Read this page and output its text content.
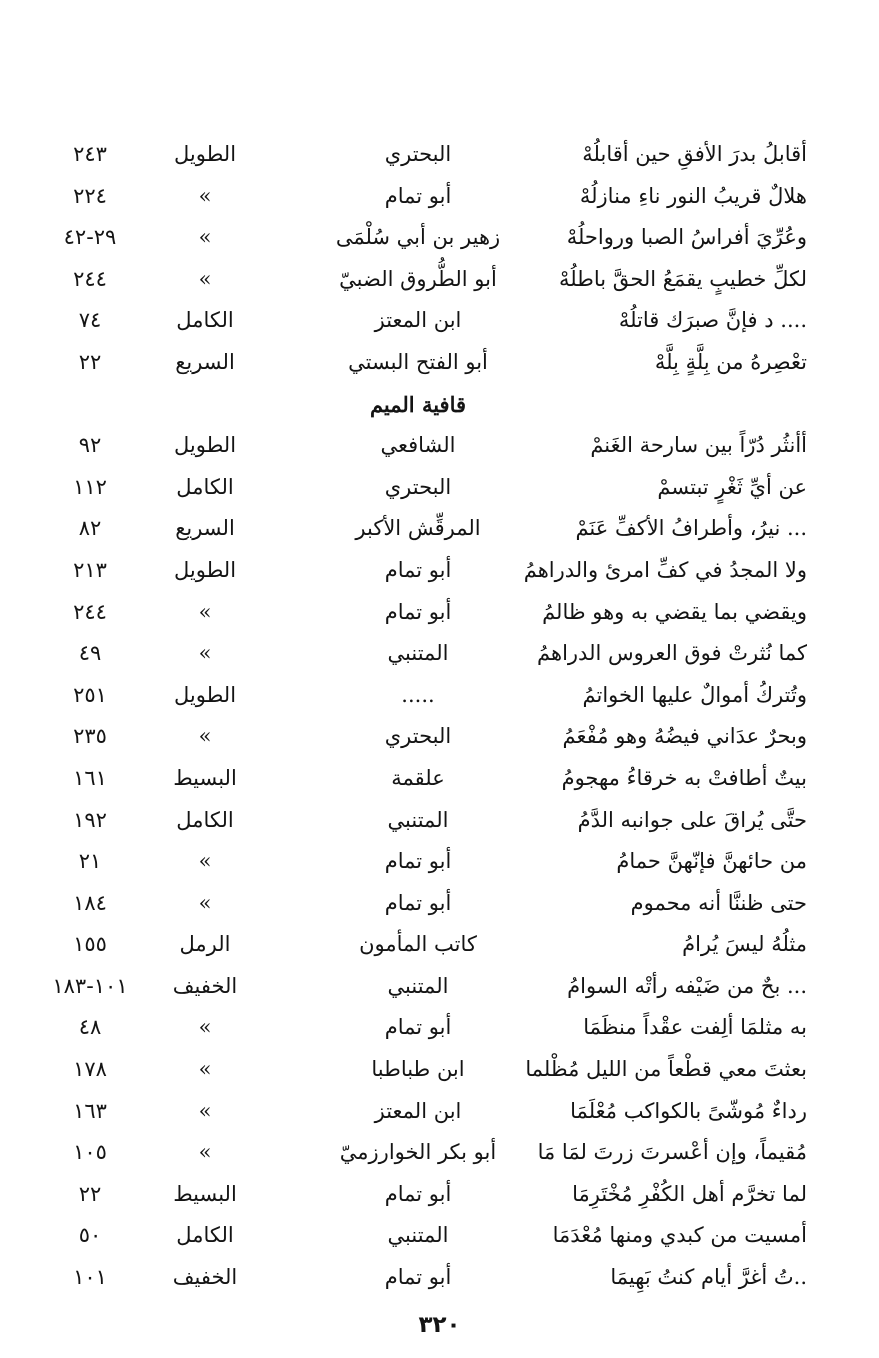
أقابلُ بدرَ الأفقِ حين أقابلُهْ
البحتري
الطويل
٢٤٣
هلالٌ قريبُ النور ناءِ منازلُهْ
أبو تمام
»
٢٢٤
وعُرِّيَ أفراسُ الصبا ورواحلُهْ
زهير بن أبي سُلْمَى
»
٢٩-٤٢
لكلِّ خطيبٍ يقمَعُ الحقَّ باطلُهْ
أبو الطُّروق الضبيّ
»
٢٤٤
.... د فإنَّ صبرَك قاتلُهْ
ابن المعتز
الكامل
٧٤
تعْصِرهُ من بِلَّةٍ بِلَّهْ
أبو الفتح البستي
السريع
٢٢
قافية الميم
أأنثُر دُرّاً بين سارحة الغَنمْ
الشافعي
الطويل
٩٢
عن أيِّ ثَغْرٍ تبتسمْ
البحتري
الكامل
١١٢
... نيرُ، وأطرافُ الأكفِّ عَنَمْ
المرقِّش الأكبر
السريع
٨٢
ولا المجدُ في كفِّ امرئ والدراهمُ
أبو تمام
الطويل
٢١٣
ويقضي بما يقضي به وهو ظالمُ
أبو تمام
»
٢٤٤
كما نُثرتْ فوق العروس الدراهمُ
المتنبي
»
٤٩
وتُتركُ أموالٌ عليها الخواتمُ
.....
الطويل
٢٥١
وبحرٌ عدَاني فيضُهُ وهو مُفْعَمُ
البحتري
»
٢٣٥
بيتٌ أطافتْ به خرقاءُ مهجومُ
علقمة
البسيط
١٦١
حتَّى يُراقَ على جوانبه الدَّمُ
المتنبي
الكامل
١٩٢
من حائهنَّ فإنّهنَّ حمامُ
أبو تمام
»
٢١
حتى ظننَّا أنه محموم
أبو تمام
»
١٨٤
مثلُهُ ليسَ يُرامُ
كاتب المأمون
الرمل
١٥٥
... بحٌ من ضَيْفه رأتْه السوامُ
المتنبي
الخفيف
١٠١-١٨٣
به مثلمَا ألِفت عقْداً منظَمَا
أبو تمام
»
٤٨
بعثتَ معي قطْعاً من الليل مُظْلما
ابن طباطبا
»
١٧٨
رداءٌ مُوشّىً بالكواكب مُعْلَمَا
ابن المعتز
»
١٦٣
مُقيماً، وإن أعْسرتَ زرتَ لمَا مَا
أبو بكر الخوارزميّ
»
١٠٥
لما تخرَّم أهل الكُفْرِ مُخْتَرِمَا
أبو تمام
البسيط
٢٢
أمسيت من كبدي ومنها مُعْدَمَا
المتنبي
الكامل
٥٠
..تُ أغرَّ أيام كنتُ بَهِيمَا
أبو تمام
الخفيف
١٠١
٣٢٠
